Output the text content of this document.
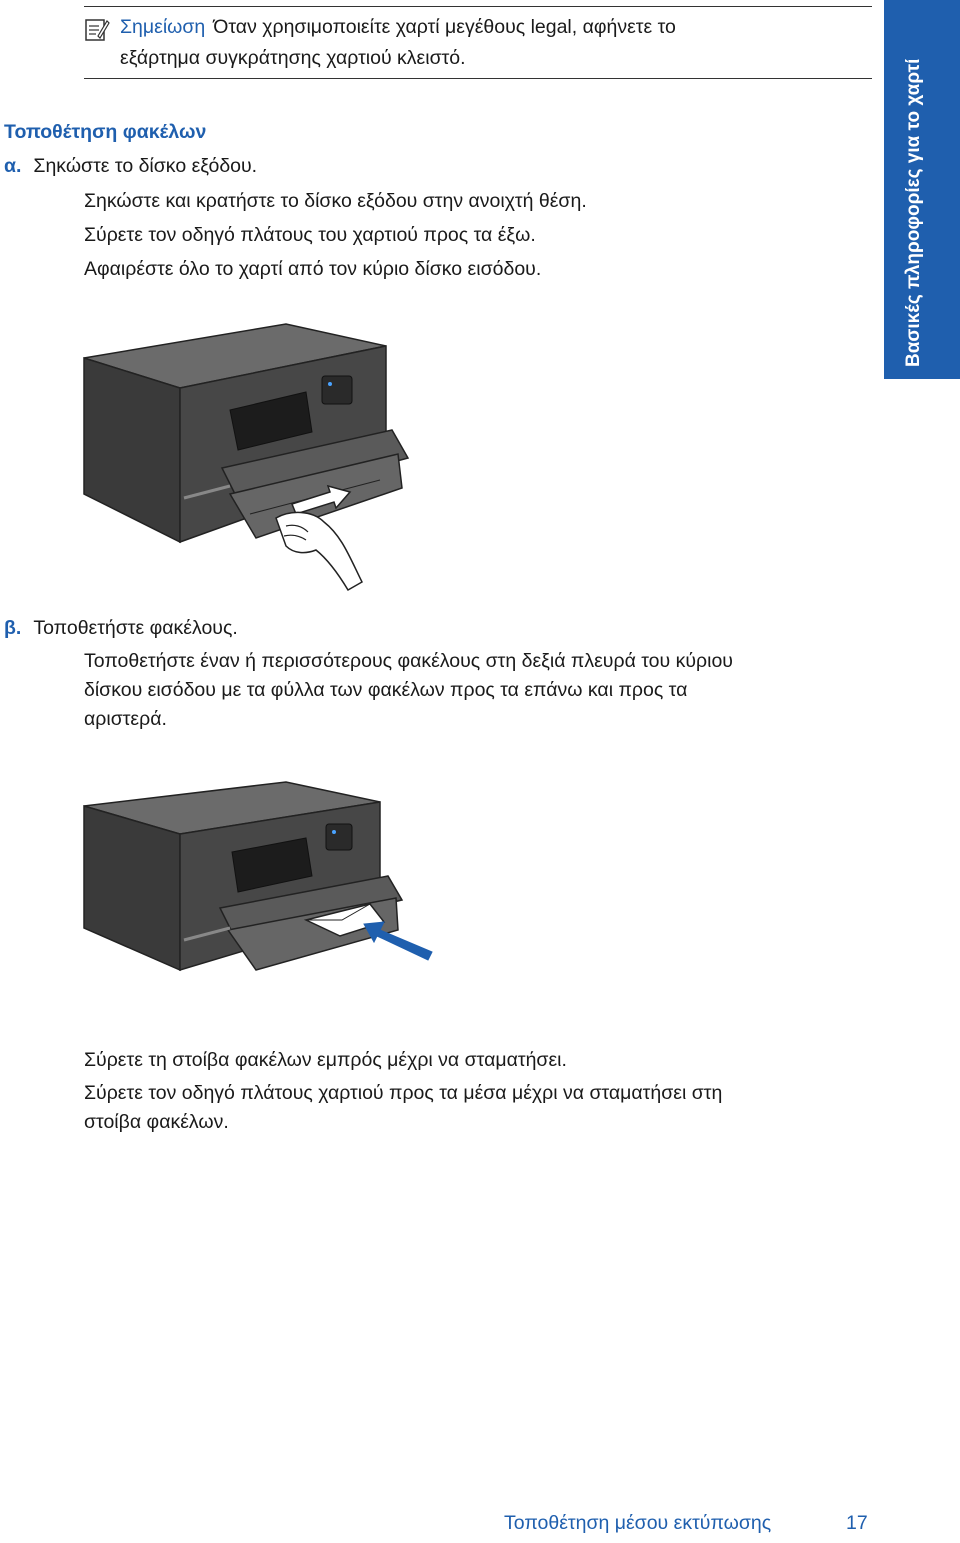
Σημείωση Όταν χρησιμοποιείτε χαρτί μεγέθους legal, αφήνετε το
εξάρτημα συγκράτησης χαρτιού κλειστό.
Βασικές πληροφορίες για το χαρτί
Τοποθέτηση φακέλων
α. Σηκώστε το δίσκο εξόδου.
Σηκώστε και κρατήστε το δίσκο εξόδου στην ανοιχτή θέση.
Σύρετε τον οδηγό πλάτους του χαρτιού προς τα έξω.
Αφαιρέστε όλο το χαρτί από τον κύριο δίσκο εισόδου.
β. Τοποθετήστε φακέλους.
Τοποθετήστε έναν ή περισσότερους φακέλους στη δεξιά πλευρά του κύριου
δίσκου εισόδου με τα φύλλα των φακέλων προς τα επάνω και προς τα
αριστερά.
Σύρετε τη στοίβα φακέλων εμπρός μέχρι να σταματήσει.
Σύρετε τον οδηγό πλάτους χαρτιού προς τα μέσα μέχρι να σταματήσει στη
στοίβα φακέλων.
Τοποθέτηση μέσου εκτύπωσης	17
